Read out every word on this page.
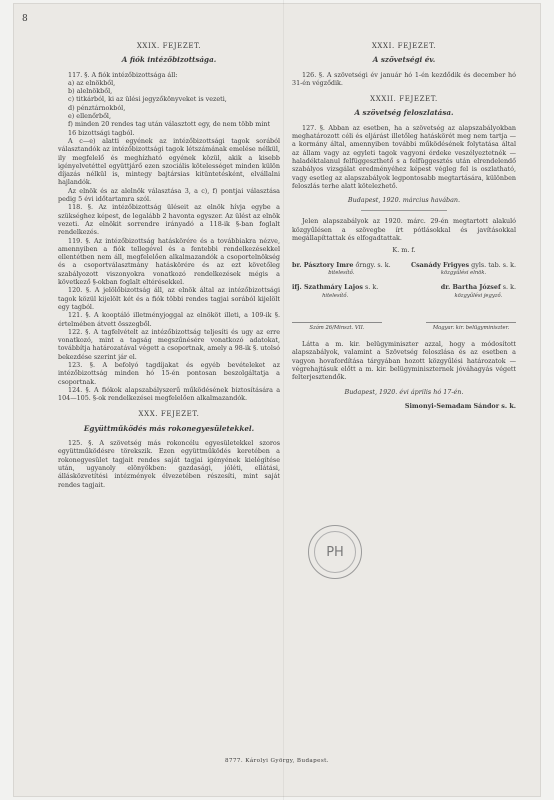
8
XXIX. FEJEZET.
A fiók intézőbizottsága.

117. §. A fiók intézőbizottsága áll:

a) az elnökből,
b) alelnökből,
c) titkárból, ki az ülési jegyzőkönyveket is vezeti,
d) pénztárnokból,
e) ellenőrből,
f) minden 20 rendes tag után választott egy, de nem több mint 16 bizottsági tagból.

A c—e) alatti egyének az intézőbizottsági tagok sorából választandók az intézőbizottsági tagok létszámának emelése nélkül, ily megfelelő és meghízható egyének közül, akik a kisebb igényelvetéttel együttjárő ezen szociális kötelességet minden külön díjazás nélkül is, mintegy bajtársias kitüntetésként, elvállalni hajlandók.

Az elnök és az alelnök választása 3, a c), f) pontjai választása pedig 5 évi időtartamra szól.

118. §. Az intézőbizottság üléseit az elnök hívja egybe a szükséghez képest, de legalább 2 havonta egyszer. Az ülést az elnök vezeti. Az elnökit sorrendre irányadó a 118-ik §-ban foglalt rendelkezés.

119. §. Az intézőbizottság hatáskörére és a továbbiakra nézve, amennyiben a fiók tellegével és a fentebbi rendelkezésekkel ellentétben nem áll, megfelelően alkalmazandók a csoportelnökség és a csoportválasztmány hatáskörére és az ezt követőleg szabályozott viszonyokra vonatkozó rendelkezések mégis a következő §-okban foglalt eltérésekkel.

120. §. A jelölőbizottság áll, az elnök által az intézőbizottsági tagok közül kijelölt két és a fiók többi rendes tagjai sorából kijelölt egy tagból.

121. §. A kooptáló illetményjoggal az elnököt illeti, a 109-ik §. értelmében átvett összegből.

122. §. A tagfelvételt az intézőbizottság teljesíti és ugy az erre vonatkozó, mint a tagság megszűnésére vonatkozó adatokat, továbbítja határozatával végett a csoportnak, amely a 98-ik §. utolsó bekezdése szerint jár el.

123. §. A befolyó tagdíjakat és egyéb bevételeket az intézőbizottság minden hó 15-én pontosan beszolgáltatja a csoportnak.

124. §. A fiókok alapszabályszerű működésének biztosítására a 104—105. §-ok rendelkezései megfelelően alkalmazandók.

XXX. FEJEZET.
Együttműködés más rokonegyesületekkel.

125. §. A szövetség más rokoncélu egyesületekkel szoros együttműködésre törekszik. Ezen együttműködés keretében a rokonegyesület tagjait rendes saját tagjai igényének kielégítése után, ugyanoly elönyökben: gazdasági, jóléti, ellátási, állásközvetítési intézmények élvezetében részesíti, mint saját rendes tagjait.

XXXI. FEJEZET.
A szövetségi év.

126. §. A szövetségi év január hó 1-én kezdődik és december hó 31-én végződik.

XXXII. FEJEZET.
A szövetség feloszlatása.

127. §. Abban az esetben, ha a szövetség az alapszabályokban meghatározott céli és eljárást illetőleg hatáskörét meg nem tartja — a kormány által, amennyiben további működésének folytatása által az állam vagy az egyleti tagok vagyoni érdeke veszélyeztetnék — haladéktalanul felfüggeszthető s a felfüggesztés után elrendelendő szabályos vizsgálat eredményéhez képest végleg fel is oszlatható, vagy esetleg az alapszabályok legpontosabb megtartására, különben feloszlás terhe alatt kötelezhető.

Budapest, 1920. március havában.

Jelen alapszabályok az 1920. márc. 29-én megtartott alakuló közgyűlésen a szövegbe írt pótlásokkal és javításokkal megállapíttattak és elfogadtattak.

K. m. f.
br. Pásztory Imre őrngy. s. k.
bitelesítő.
Csanády Frigyes gyls. tab. s. k.
közgyűlési elnök.
ifj. Szathmáry Lajos s. k.
hitelesítő.
dr. Bartha József s. k.
közgyűlési jegyző.
Szám 26/Minszt. VII.	Magyar. kir. belügyminiszter.

Látta a m. kir. belügyminiszter azzal, hogy a módosított alapszabályok, valamint a Szövetség feloszlása és az esetben a vagyon hovafordítása tárgyában hozott közgyűlési határozatok — végrehajtásuk előtt a m. kir. belügyminiszternek jóváhagyás végett felterjesztendők.

Budapest, 1920. évi április hó 17-én.
Simonyi-Semadam Sándor s. k.
PH
8777. Károlyi György, Budapest.
